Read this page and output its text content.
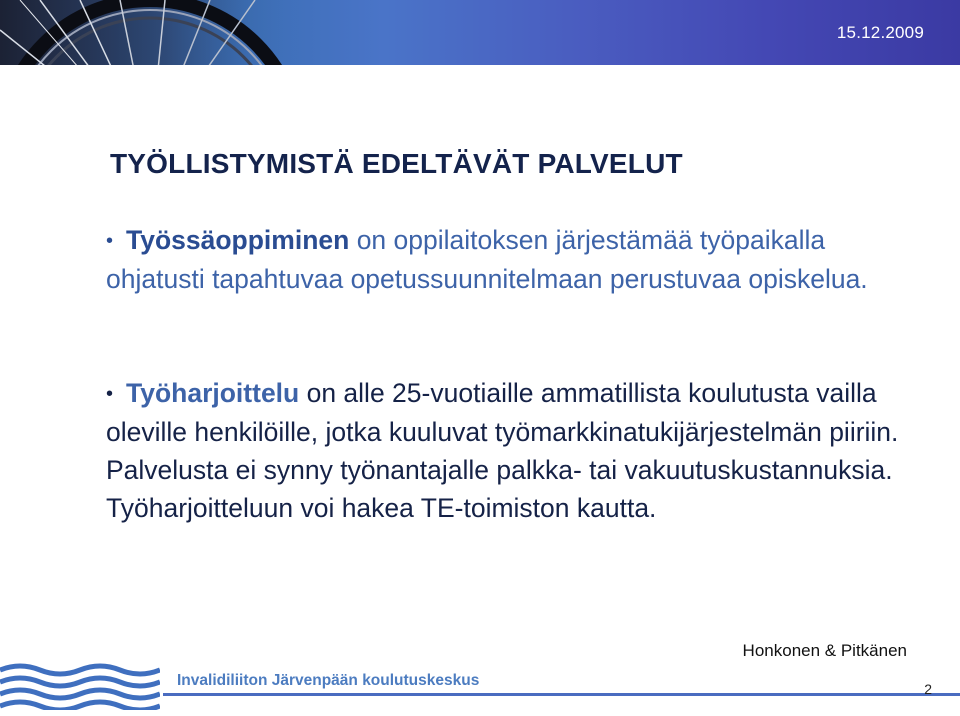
15.12.2009
TYÖLLISTYMISTÄ EDELTÄVÄT PALVELUT

• Työssäoppiminen on oppilaitoksen järjestämää työpaikalla ohjatusti tapahtuvaa opetussuunnitelmaan perustuvaa opiskelua.

• Työharjoittelu on alle 25-vuotiaille ammatillista koulutusta vailla oleville henkilöille, jotka kuuluvat työmarkkinatukijärjestelmän piiriin. Palvelusta ei synny työnantajalle palkka- tai vakuutuskustannuksia. Työharjoitteluun voi hakea TE-toimiston kautta.

Honkonen & Pitkänen
Invalidiliiton Järvenpään koulutuskeskus	2
